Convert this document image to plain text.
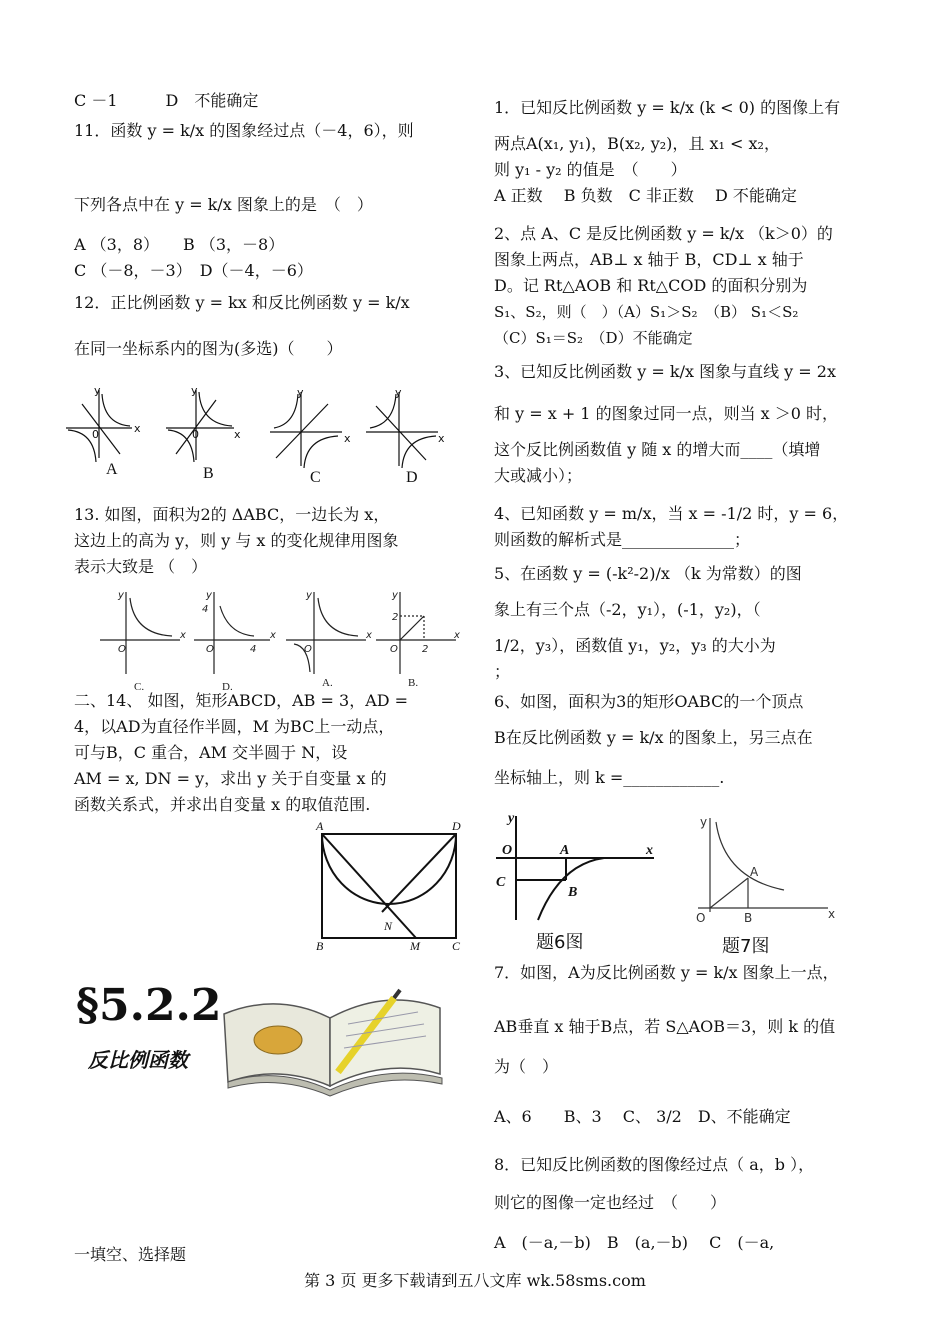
C －1　　　D　不能确定

11．函数 y = k/x 的图象经过点（－4，6），则

下列各点中在 y = k/x 图象上的是　（　）

A （3，8）　　B （3，－8）

C （－8，－3）　D（－4，－6）

12．正比例函数 y = kx 和反比例函数 y = k/x

在同一坐标系内的图为(多选)（　　）

y
x
0
y
x
0
y
x
y
x
A	B	C	D

13. 如图，面积为2的 ΔABC，一边长为 x，

这边上的高为 y，则 y 与 x 的变化规律用图象

表示大致是 （　）

y
x
O
y
4
x
O	4
y
x
O
y
2
x
O 2
C.	D.	A.	B.

二、14、 如图，矩形ABCD，AB = 3，AD =

4，以AD为直径作半圆，M 为BC上一动点，

可与B，C 重合，AM 交半圆于 N，设

AM = x, DN = y，求出 y 关于自变量 x 的

函数关系式，并求出自变量 x 的取值范围.

A	D
B	C
M
N
§5.2.2
反比例函数

一填空、选择题

1．已知反比例函数 y = k/x (k < 0) 的图像上有

两点A(x₁, y₁)，B(x₂, y₂)，且 x₁ < x₂，

则 y₁ - y₂ 的值是　（　　）

A 正数　 B 负数　C 非正数　 D 不能确定

2、点 A、C 是反比例函数 y = k/x （k＞0）的

图象上两点，AB⊥ x 轴于 B，CD⊥ x 轴于

D。记 Rt△AOB 和 Rt△COD 的面积分别为

S₁、S₂，则（　）（A）S₁＞S₂　（B） S₁＜S₂

（C）S₁＝S₂　（D）不能确定

3、已知反比例函数 y = k/x 图象与直线 y = 2x

和 y = x + 1 的图象过同一点，则当 x ＞0 时，

这个反比例函数值 y 随 x 的增大而____（填增

大或减小）；

4、已知函数 y = m/x，当 x = -1/2 时，y = 6，

则函数的解析式是______________；

5、在函数 y = (-k²-2)/x （k 为常数）的图

象上有三个点（-2，y₁），(-1，y₂)，（

1/2，y₃），函数值 y₁，y₂，y₃ 的大小为

；

6、如图，面积为3的矩形OABC的一个顶点

B在反比例函数 y = k/x 的图象上，另三点在

坐标轴上，则 k =____________.

y
x
O	A
C
B
题6图
y
x
O
A
B
题7图

7．如图，A为反比例函数 y = k/x 图象上一点，

AB垂直 x 轴于B点，若 S△AOB＝3，则 k 的值

为（　）

A、6　　B、3　 C、 3/2　D、不能确定

8．已知反比例函数的图像经过点（ a，b ），

则它的图像一定也经过　（　　）

A　(－a,－b)　B　(a,－b)　 C　(－a,

第 3 页 更多下载请到五八文库 wk.58sms.com
